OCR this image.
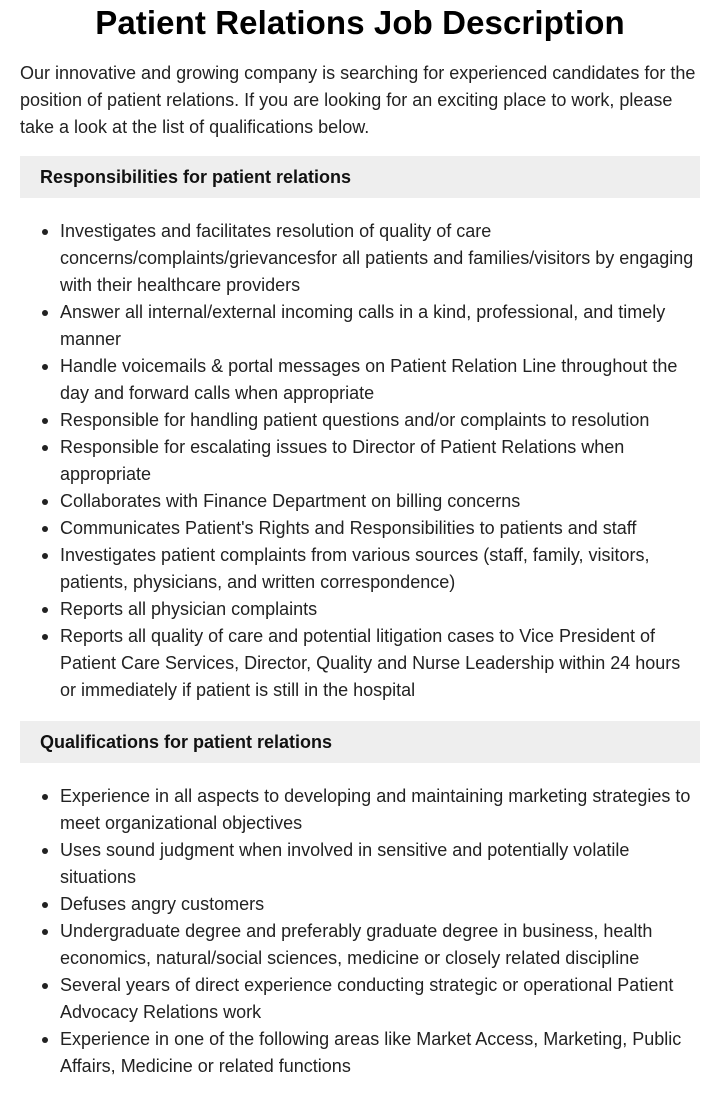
Patient Relations Job Description

Our innovative and growing company is searching for experienced candidates for the position of patient relations. If you are looking for an exciting place to work, please take a look at the list of qualifications below.

Responsibilities for patient relations
Investigates and facilitates resolution of quality of care concerns/complaints/grievancesfor all patients and families/visitors by engaging with their healthcare providers
Answer all internal/external incoming calls in a kind, professional, and timely manner
Handle voicemails & portal messages on Patient Relation Line throughout the day and forward calls when appropriate
Responsible for handling patient questions and/or complaints to resolution
Responsible for escalating issues to Director of Patient Relations when appropriate
Collaborates with Finance Department on billing concerns
Communicates Patient's Rights and Responsibilities to patients and staff
Investigates patient complaints from various sources (staff, family, visitors, patients, physicians, and written correspondence)
Reports all physician complaints
Reports all quality of care and potential litigation cases to Vice President of Patient Care Services, Director, Quality and Nurse Leadership within 24 hours or immediately if patient is still in the hospital
Qualifications for patient relations
Experience in all aspects to developing and maintaining marketing strategies to meet organizational objectives
Uses sound judgment when involved in sensitive and potentially volatile situations
Defuses angry customers
Undergraduate degree and preferably graduate degree in business, health economics, natural/social sciences, medicine or closely related discipline
Several years of direct experience conducting strategic or operational Patient Advocacy Relations work
Experience in one of the following areas like Market Access, Marketing, Public Affairs, Medicine or related functions
